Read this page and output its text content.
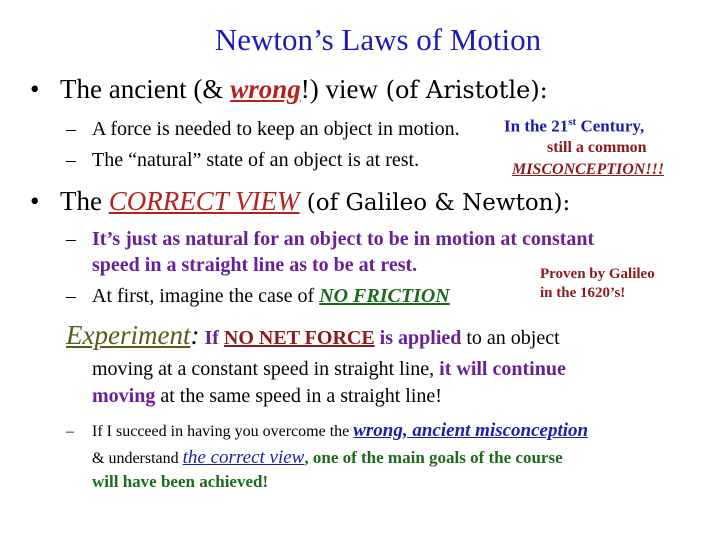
Newton’s Laws of Motion
• The ancient (& wrong!) view (of Aristotle):
– A force is needed to keep an object in motion.
– The “natural” state of an object is at rest.
In the 21st Century,
still a common
MISCONCEPTION!!!
• The CORRECT VIEW (of Galileo & Newton):
– It’s just as natural for an object to be in motion at constant
speed in a straight line as to be at rest.
– At first, imagine the case of NO FRICTION
Proven by Galileo
in the 1620’s!
Experiment: If NO NET FORCE is applied to an object
moving at a constant speed in straight line, it will continue
moving at the same speed in a straight line!
– If I succeed in having you overcome the wrong, ancient misconception
& understand the correct view, one of the main goals of the course
will have been achieved!
